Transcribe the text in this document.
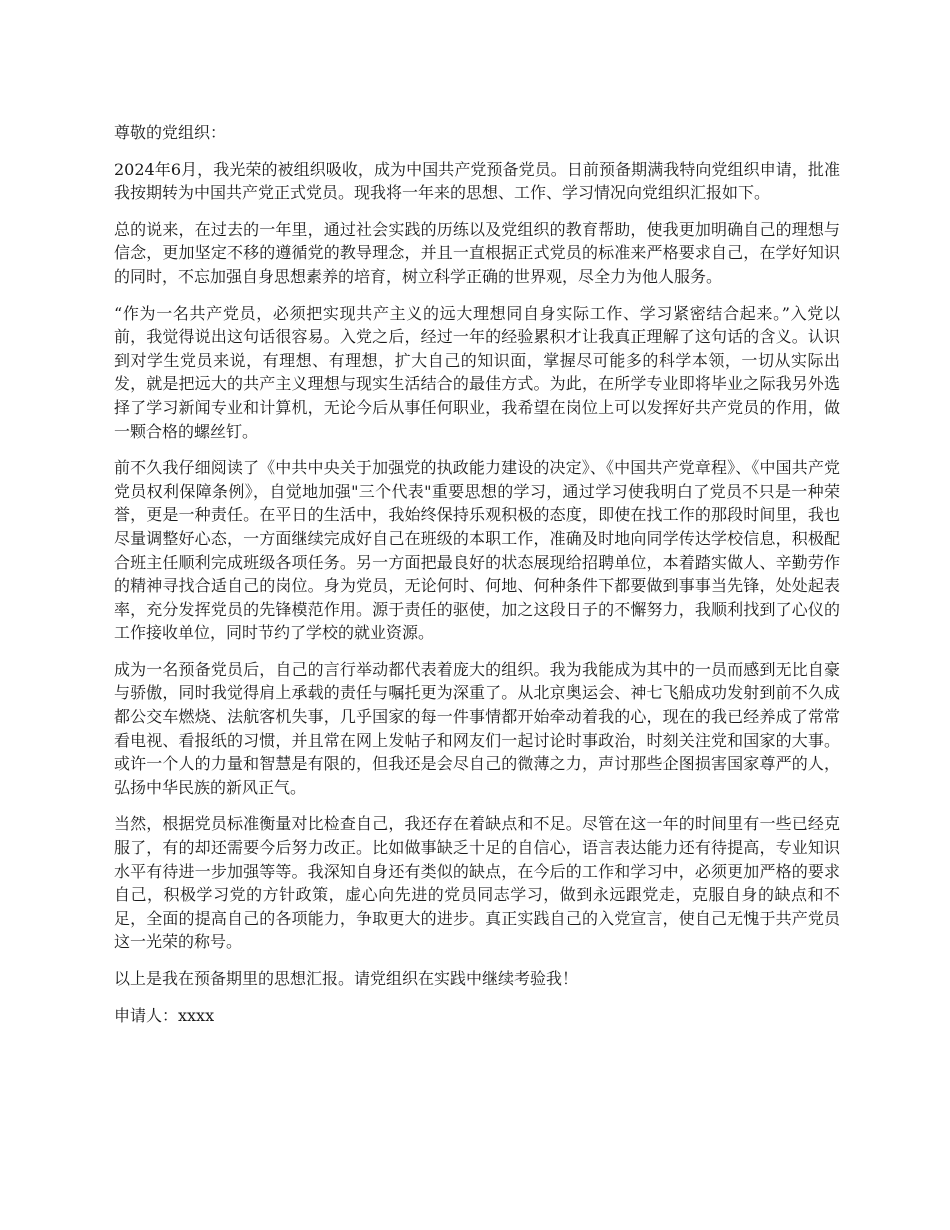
尊敬的党组织：

2024年6月，我光荣的被组织吸收，成为中国共产党预备党员。日前预备期满我特向党组织申请，批准我按期转为中国共产党正式党员。现我将一年来的思想、工作、学习情况向党组织汇报如下。

总的说来，在过去的一年里，通过社会实践的历练以及党组织的教育帮助，使我更加明确自己的理想与信念，更加坚定不移的遵循党的教导理念，并且一直根据正式党员的标准来严格要求自己，在学好知识的同时，不忘加强自身思想素养的培育，树立科学正确的世界观，尽全力为他人服务。

“作为一名共产党员，必须把实现共产主义的远大理想同自身实际工作、学习紧密结合起来。”入党以前，我觉得说出这句话很容易。入党之后，经过一年的经验累积才让我真正理解了这句话的含义。认识到对学生党员来说，有理想、有理想，扩大自己的知识面，掌握尽可能多的科学本领，一切从实际出发，就是把远大的共产主义理想与现实生活结合的最佳方式。为此，在所学专业即将毕业之际我另外选择了学习新闻专业和计算机，无论今后从事任何职业，我希望在岗位上可以发挥好共产党员的作用，做一颗合格的螺丝钉。

前不久我仔细阅读了《中共中央关于加强党的执政能力建设的决定》、《中国共产党章程》、《中国共产党党员权利保障条例》，自觉地加强"三个代表"重要思想的学习，通过学习使我明白了党员不只是一种荣誉，更是一种责任。在平日的生活中，我始终保持乐观积极的态度，即使在找工作的那段时间里，我也尽量调整好心态，一方面继续完成好自己在班级的本职工作，准确及时地向同学传达学校信息，积极配合班主任顺利完成班级各项任务。另一方面把最良好的状态展现给招聘单位，本着踏实做人、辛勤劳作的精神寻找合适自己的岗位。身为党员，无论何时、何地、何种条件下都要做到事事当先锋，处处起表率，充分发挥党员的先锋模范作用。源于责任的驱使，加之这段日子的不懈努力，我顺利找到了心仪的工作接收单位，同时节约了学校的就业资源。

成为一名预备党员后，自己的言行举动都代表着庞大的组织。我为我能成为其中的一员而感到无比自豪与骄傲，同时我觉得肩上承载的责任与嘱托更为深重了。从北京奥运会、神七飞船成功发射到前不久成都公交车燃烧、法航客机失事，几乎国家的每一件事情都开始牵动着我的心，现在的我已经养成了常常看电视、看报纸的习惯，并且常在网上发帖子和网友们一起讨论时事政治，时刻关注党和国家的大事。或许一个人的力量和智慧是有限的，但我还是会尽自己的微薄之力，声讨那些企图损害国家尊严的人，弘扬中华民族的新风正气。

当然，根据党员标准衡量对比检查自己，我还存在着缺点和不足。尽管在这一年的时间里有一些已经克服了，有的却还需要今后努力改正。比如做事缺乏十足的自信心，语言表达能力还有待提高，专业知识水平有待进一步加强等等。我深知自身还有类似的缺点，在今后的工作和学习中，必须更加严格的要求自己，积极学习党的方针政策，虚心向先进的党员同志学习，做到永远跟党走，克服自身的缺点和不足，全面的提高自己的各项能力，争取更大的进步。真正实践自己的入党宣言，使自己无愧于共产党员这一光荣的称号。

以上是我在预备期里的思想汇报。请党组织在实践中继续考验我！

申请人：xxxx
